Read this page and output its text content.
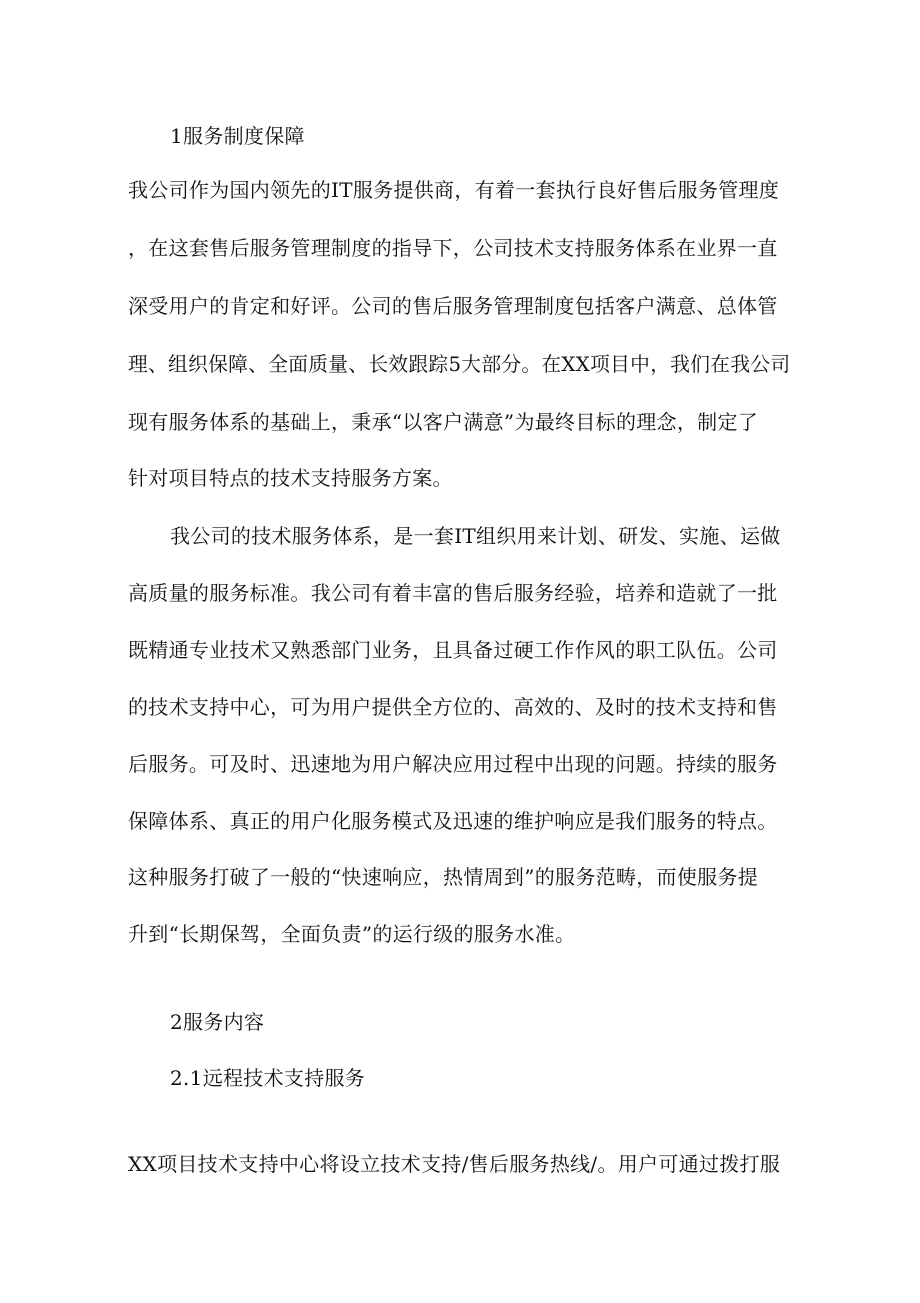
1服务制度保障
我公司作为国内领先的IT服务提供商，有着一套执行良好售后服务管理度
，在这套售后服务管理制度的指导下，公司技术支持服务体系在业界一直
深受用户的肯定和好评。公司的售后服务管理制度包括客户满意、总体管
理、组织保障、全面质量、长效跟踪5大部分。在XX项目中，我们在我公司
现有服务体系的基础上，秉承“以客户满意”为最终目标的理念，制定了
针对项目特点的技术支持服务方案。
我公司的技术服务体系，是一套IT组织用来计划、研发、实施、运做
高质量的服务标准。我公司有着丰富的售后服务经验，培养和造就了一批
既精通专业技术又熟悉部门业务，且具备过硬工作作风的职工队伍。公司
的技术支持中心，可为用户提供全方位的、高效的、及时的技术支持和售
后服务。可及时、迅速地为用户解决应用过程中出现的问题。持续的服务
保障体系、真正的用户化服务模式及迅速的维护响应是我们服务的特点。
这种服务打破了一般的“快速响应，热情周到”的服务范畴，而使服务提
升到“长期保驾，全面负责”的运行级的服务水准。
2服务内容
2.1远程技术支持服务
XX项目技术支持中心将设立技术支持/售后服务热线/。用户可通过拨打服
